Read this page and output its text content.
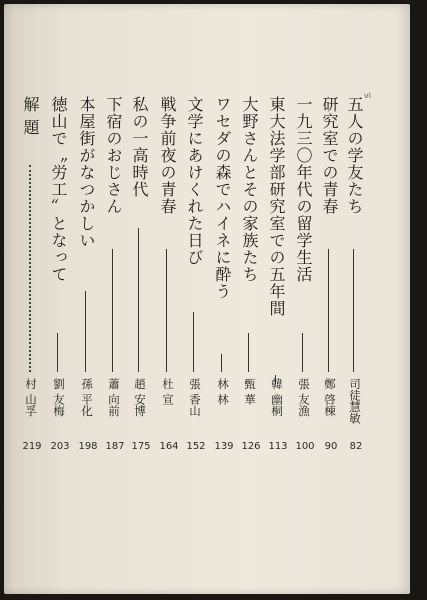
vi
五人の学友たち
司徒慧敏
82
研究室での青春
鄭 啓棟
90
一九三〇年代の留学生活
張 友漁
100
東大法学部研究室での五年間
韓 幽桐
113
大野さんとその家族たち
甄 華
126
ワセダの森でハイネに酔う
林 林
139
文学にあけくれた日び
張 香山
152
戦争前夜の青春
杜 宣
164
私の一高時代
趙 安博
175
下宿のおじさん
蕭 向前
187
本屋街がなつかしい
孫 平化
198
徳山で〝労工〟となって
劉 友梅
203
解 題
村 山孚
219
